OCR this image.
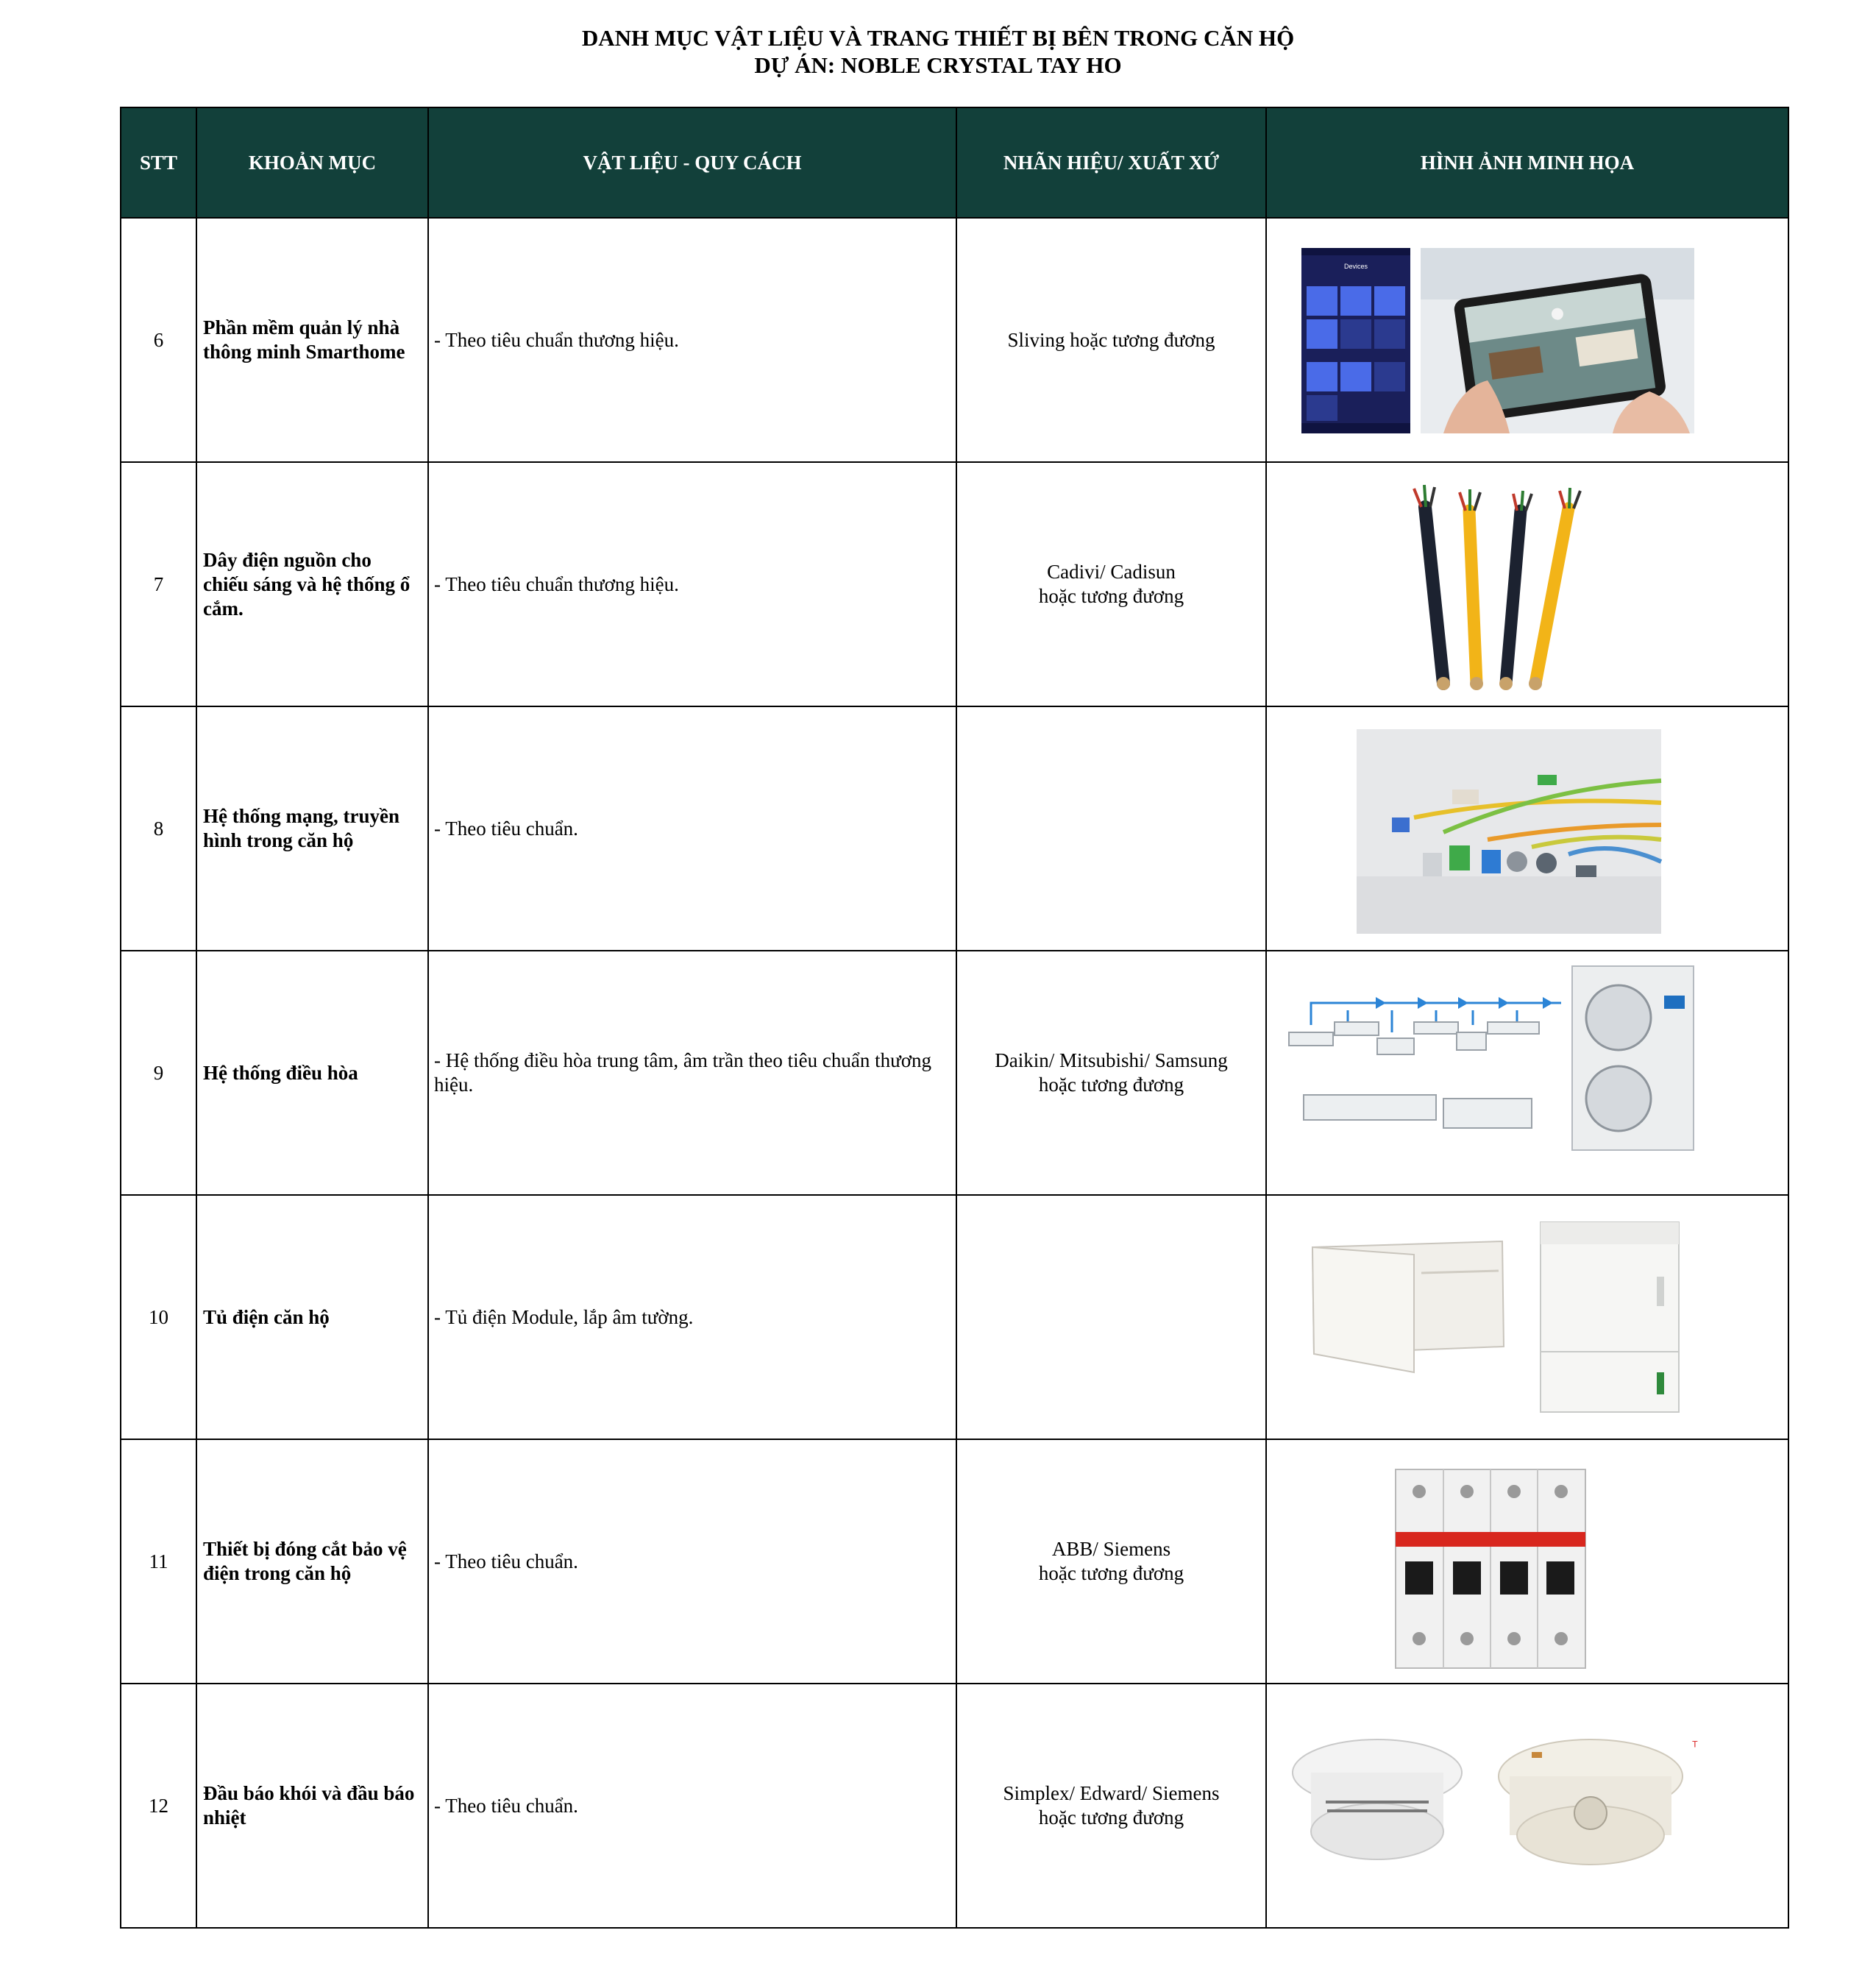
DANH MỤC VẬT LIỆU VÀ TRANG THIẾT BỊ BÊN TRONG CĂN HỘ
DỰ ÁN: NOBLE CRYSTAL TAY HO
STT	KHOẢN MỤC	VẬT LIỆU - QUY CÁCH	NHÃN HIỆU/ XUẤT XỨ	HÌNH ẢNH MINH HỌA
6	Phần mềm quản lý nhà thông minh Smarthome	- Theo tiêu chuẩn thương hiệu.	Sliving hoặc tương đương	Devices

7	Dây điện nguồn cho chiếu sáng và hệ thống ổ cắm.	- Theo tiêu chuẩn thương hiệu.	Cadivi/ Cadisun
hoặc tương đương	

8	Hệ thống mạng, truyền hình trong căn hộ	- Theo tiêu chuẩn.		

9	Hệ thống điều hòa	- Hệ thống điều hòa trung tâm, âm trần theo tiêu chuẩn thương hiệu.	Daikin/ Mitsubishi/ Samsung
hoặc tương đương	

10	Tủ điện căn hộ	- Tủ điện Module, lắp âm tường.		

11	Thiết bị đóng cắt bảo vệ điện trong căn hộ	- Theo tiêu chuẩn.	ABB/ Siemens
hoặc tương đương	

12	Đầu báo khói và đầu báo nhiệt	- Theo tiêu chuẩn.	Simplex/ Edward/ Siemens
hoặc tương đương	ᵀ
